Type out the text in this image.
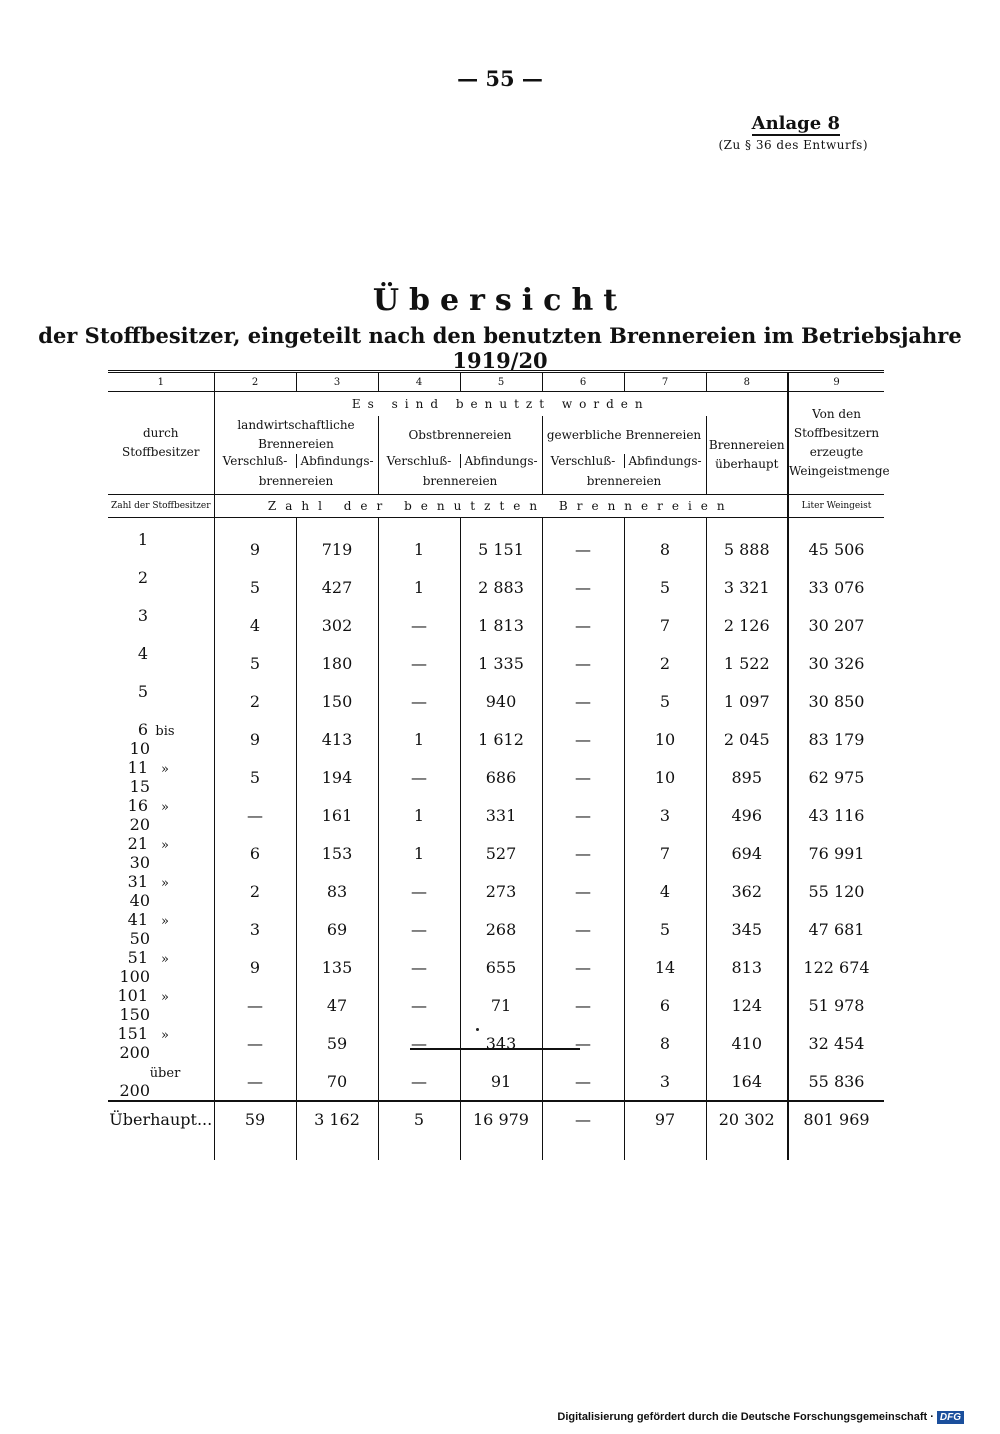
— 55 —
Anlage 8
(Zu § 36 des Entwurfs)
Übersicht
der Stoffbesitzer, eingeteilt nach den benutzten Brennereien im Betriebsjahre 1919/20
1	2	3	4	5	6	7	8	9
durch Stoffbesitzer	Es sind benutzt worden							Von den Stoffbesitzern erzeugte Weingeistmenge
	landwirtschaftliche Brennereien		Obstbrennereien		gewerbliche Brennereien		Brennereien überhaupt	
	Verschluß-	Abfindungs-	Verschluß-	Abfindungs-	Verschluß-	Abfindungs-		
	brennereien		brennereien		brennereien			
Zahl der Stoffbesitzer	Zahl der benutzten Brennereien							Liter Weingeist
1	9	719	1	5 151	—	8	5 888	45 506
2	5	427	1	2 883	—	5	3 321	33 076
3	4	302	—	1 813	—	7	2 126	30 207
4	5	180	—	1 335	—	2	1 522	30 326
5	2	150	—	940	—	5	1 097	30 850
6 bis10	9	413	1	1 612	—	10	2 045	83 179
11 »15	5	194	—	686	—	10	895	62 975
16 »20	—	161	1	331	—	3	496	43 116
21 »30	6	153	1	527	—	7	694	76 991
31 »40	2	83	—	273	—	4	362	55 120
41 »50	3	69	—	268	—	5	345	47 681
51 »100	9	135	—	655	—	14	813	122 674
101 »150	—	47	—	71	—	6	124	51 978
151 »200	—	59	—	343	—	8	410	32 454
über200	—	70	—	91	—	3	164	55 836
Überhaupt...	59	3 162	5	16 979	—	97	20 302	801 969

Digitalisierung gefördert durch die Deutsche Forschungsgemeinschaft · DFG
